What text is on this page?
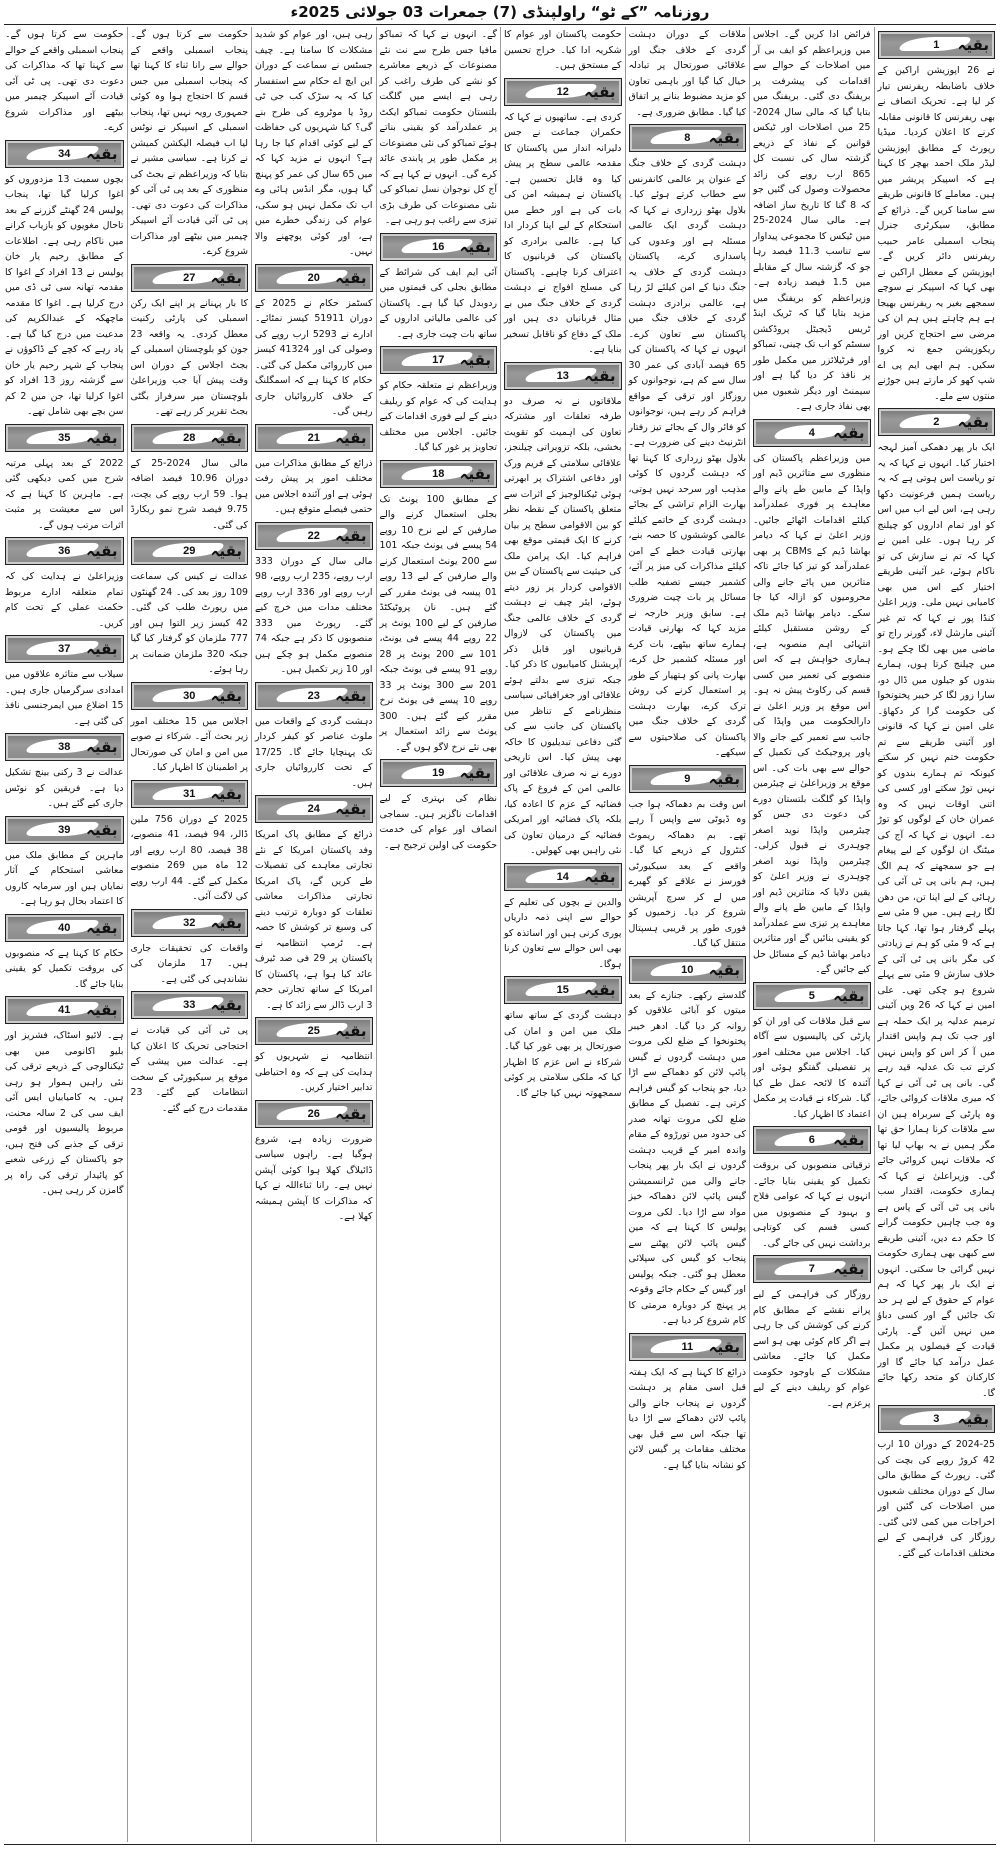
روزنامہ ”کے ٹو“ راولپنڈی (7) جمعرات 03 جولائی 2025ء
بقیہ
1

نے 26 اپوزیشن اراکین کے خلاف باضابطہ ریفرنس تیار کر لیا ہے۔ تحریک انصاف نے بھی ریفرنس کا قانونی مقابلہ کرنے کا اعلان کردیا۔ میڈیا رپورٹ کے مطابق اپوزیشن لیڈر ملک احمد بھچر کا کہنا ہے کہ اسپیکر پریشر میں ہیں۔ معاملے کا قانونی طریقے سے سامنا کریں گے۔ ذرائع کے مطابق، سیکرٹری جنرل پنجاب اسمبلی عامر حبیب ریفرنس دائر کریں گے۔ اپوزیشن کے معطل اراکین نے بھی کہا کہ اسپیکر نے سوچے سمجھے بغیر یہ ریفرنس بھیجا ہے ہم چاہتے ہیں ہم ان کی مرضی سے احتجاج کریں اور ریکوزیشن جمع نہ کروا سکیں۔ ہم ابھی ایم پی اے شپ کھو کر مارتے ہیں جوڑنے منتوں سے ملے۔

بقیہ
2

ایک بار پھر دھمکی آمیز لہجہ اختیار کیا۔ انہوں نے کہا کہ یہ تو ریاست اس ہوتی ہے کہ یہ ریاست ہمیں فرعونیت دکھا رہی ہے، اس لیے اب میں اس کو اور تمام اداروں کو چیلنج کر رہا ہوں۔ علی امین نے کہا کہ تم نے سازش کی تو ناکام ہوئے، غیر آئینی طریقے اختیار کیے اس میں بھی کامیابی نہیں ملی۔ وزیر اعلیٰ کنڈا پور نے کہا کہ تم غیر آئینی مارشل لاء، گورنر راج تو ماضی میں بھی لگا چکے ہو۔ میں چیلنج کرتا ہوں، ہمارے بندوں کو جیلوں میں ڈال دو، سارا زور لگا کر خیبر پختونخوا کی حکومت گرا کر دکھاؤ۔ علی امین نے کہا کہ قانونی اور آئینی طریقے سے تم حکومت ختم نہیں کر سکتے کیونکہ تم ہمارے بندوں کو نہیں توڑ سکتے اور کسی کی اتنی اوقات نہیں کہ وہ عمران خان کے لوگوں کو توڑ دے۔ انہوں نے کہا کہ آج کی میٹنگ ان لوگوں کے لیے پیغام ہے جو سمجھتے کہ ہم الگ ہیں، ہم بانی پی ٹی آئی کی رہائی کے لیے اپنا تن، من دھن لگا رہے ہیں۔ میں 9 مئی سے پہلے گرفتار ہوا تھا، کہا جاتا ہے کہ 9 مئی کو ہم نے زیادتی کی مگر بانی پی ٹی آئی کے خلاف سازش 9 مئی سے پہلے شروع ہو چکی تھی۔ علی امین نے کہا کہ 26 ویں آئینی ترمیم عدلیہ پر ایک حملہ ہے اور جب تک ہم واپس اقتدار میں آ کر اس کو واپس نہیں کرتے تب تک عدلیہ قید رہے گی۔ بانی پی ٹی آئی نے کہا کہ میری ملاقات کروائی جائے، وہ پارٹی کے سربراہ ہیں ان سے ملاقات کرنا ہمارا حق تھا مگر ہمیں نے یہ بھاپ لیا تھا کہ ملاقات نہیں کروائی جائے گی۔ وزیراعلیٰ نے کہا کہ ہماری حکومت، اقتدار سب بانی پی ٹی آئی کے پاس ہے وہ جب چاہیں حکومت گرانے کا حکم دے دیں، آئینی طریقے سے کبھی بھی ہماری حکومت نہیں گرائی جا سکتی۔ انہوں نے ایک بار پھر کہا کہ ہم عوام کے حقوق کے لیے ہر حد تک جائیں گے اور کسی دباؤ میں نہیں آئیں گے۔ پارٹی قیادت کے فیصلوں پر مکمل عمل درآمد کیا جائے گا اور کارکنان کو متحد رکھا جائے گا۔

بقیہ
3

2024-25 کے دوران 10 ارب 42 کروڑ روپے کی بچت کی گئی۔ رپورٹ کے مطابق مالی سال کے دوران مختلف شعبوں میں اصلاحات کی گئیں اور اخراجات میں کمی لائی گئی۔ روزگار کی فراہمی کے لیے مختلف اقدامات کیے گئے۔

فرائض ادا کریں گے۔ اجلاس میں وزیراعظم کو ایف بی آر میں اصلاحات کے حوالے سے اقدامات کی پیشرفت پر بریفنگ دی گئی۔ بریفنگ میں بتایا گیا کہ مالی سال 2024-25 میں اصلاحات اور ٹیکس قوانین کے نفاذ کے ذریعے گزشتہ سال کی نسبت کل 865 ارب روپے کی زائد محصولات وصول کی گئیں جو کہ 8 گنا کا تاریخ ساز اضافہ ہے۔ مالی سال 2024-25 میں ٹیکس کا مجموعی پیداوار سے تناسب 11.3 فیصد رہا جو کہ گزشتہ سال کے مقابلے میں 1.5 فیصد زیادہ ہے۔ وزیراعظم کو بریفنگ میں مزید بتایا گیا کہ ٹریک اینڈ ٹریس ڈیجیٹل پروڈکشن سسٹم کو اب تک چینی، تمباکو اور فرٹیلائزر میں مکمل طور پر نافذ کر دیا گیا ہے اور سیمنٹ اور دیگر شعبوں میں بھی نفاذ جاری ہے۔

بقیہ
4

میں وزیراعظم پاکستان کی منظوری سے متاثرین ڈیم اور واپڈا کے مابین طے پانے والے معاہدے پر فوری عملدرآمد کیلئے اقدامات اٹھائے جائیں۔ وزیر اعلیٰ نے کہا کہ دیامر بھاشا ڈیم کے CBMs پر بھی عملدرآمد کو تیز کیا جائے تاکہ متاثرین میں پائے جانے والی محرومیوں کو ازالہ کیا جا سکے۔ دیامر بھاشا ڈیم ملک کے روشن مستقبل کیلئے انتہائی اہم منصوبہ ہے، ہماری خواہش ہے کہ اس منصوبے کی تعمیر میں کسی قسم کی رکاوٹ پیش نہ ہو۔ اس موقع پر وزیر اعلیٰ نے دارالحکومت میں واپڈا کی جانب سے تعمیر کیے جانے والا پاور پروجیکٹ کی تکمیل کے حوالے سے بھی بات کی۔ اس موقع پر وزیراعلیٰ نے چیئرمین واپڈا کو گلگت بلتستان دورے کی دعوت دی جس کو چیئرمین واپڈا نوید اصغر چوہدری نے قبول کرلی۔ چیئرمین واپڈا نوید اصغر چوہدری نے وزیر اعلیٰ کو یقین دلایا کہ متاثرین ڈیم اور واپڈا کے مابین طے پانے والے معاہدے پر تیزی سے عملدرآمد کو یقینی بنائیں گے اور متاثرین دیامر بھاشا ڈیم کے مسائل حل کیے جائیں گے۔

بقیہ
5

سے قبل ملاقات کی اور ان کو پارٹی کی پالیسیوں سے آگاہ کیا۔ اجلاس میں مختلف امور پر تفصیلی گفتگو ہوئی اور آئندہ کا لائحہ عمل طے کیا گیا۔ شرکاء نے قیادت پر مکمل اعتماد کا اظہار کیا۔

بقیہ
6

ترقیاتی منصوبوں کی بروقت تکمیل کو یقینی بنایا جائے۔ انہوں نے کہا کہ عوامی فلاح و بہبود کے منصوبوں میں کسی قسم کی کوتاہی برداشت نہیں کی جائے گی۔

بقیہ
7

روزگار کی فراہمی کے لیے پرانے نقشے کے مطابق کام کرنے کی کوشش کی جا رہی ہے اگر کام کوئی بھی ہو اسے مکمل کیا جائے۔ معاشی مشکلات کے باوجود حکومت عوام کو ریلیف دینے کے لیے پرعزم ہے۔

ملاقات کے دوران دہشت گردی کے خلاف جنگ اور علاقائی صورتحال پر تبادلہ خیال کیا گیا اور باہمی تعاون کو مزید مضبوط بنانے پر اتفاق کیا گیا۔ مطابق ضروری ہے۔

بقیہ
8

دہشت گردی کے خلاف جنگ کے عنوان پر عالمی کانفرنس سے خطاب کرتے ہوئے کیا۔ بلاول بھٹو زرداری نے کہا کہ دہشت گردی ایک عالمی مسئلہ ہے اور وعدوں کی پاسداری کرے، پاکستان دہشت گردی کے خلاف یہ جنگ دنیا کے امن کیلئے لڑ رہا ہے، عالمی برادری دہشت گردی کے خلاف جنگ میں پاکستان سے تعاون کرے۔ انہوں نے کہا کہ پاکستان کی 65 فیصد آبادی کی عمر 30 سال سے کم ہے، نوجوانوں کو روزگار اور ترقی کے مواقع فراہم کر رہے ہیں، نوجوانوں کو فائر وال کے بجائے تیز رفتار انٹرنیٹ دینے کی ضرورت ہے۔ بلاول بھٹو زرداری کا کہنا تھا کہ دہشت گردوں کا کوئی مذہب اور سرحد نہیں ہوتی، بھارت الزام تراشی کے بجائے دہشت گردی کے خاتمے کیلئے عالمی کوششوں کا حصہ بنے، بھارتی قیادت خطے کے امن کیلئے مذاکرات کی میز پر آئے، کشمیر جیسے تصفیہ طلب مسائل پر بات چیت ضروری ہے۔ سابق وزیر خارجہ نے مزید کہا کہ بھارتی قیادت ہمارے ساتھ بیٹھے، بات کرے اور مسئلہ کشمیر حل کرے، بھارت پانی کو ہتھیار کے طور پر استعمال کرنے کی روش ترک کرے، بھارت دہشت گردی کے خلاف جنگ میں پاکستان کی صلاحیتوں سے سیکھے۔

بقیہ
9

اس وقت بم دھماکہ ہوا جب وہ ڈیوٹی سے واپس آ رہے تھے۔ بم دھماکہ ریموٹ کنٹرول کے ذریعے کیا گیا۔ واقعے کے بعد سیکیورٹی فورسز نے علاقے کو گھیرے میں لے کر سرچ آپریشن شروع کر دیا۔ زخمیوں کو فوری طور پر قریبی ہسپتال منتقل کیا گیا۔

بقیہ
10

گلدستے رکھے۔ جنازے کے بعد میتوں کو آبائی علاقوں کو روانہ کر دیا گیا۔ ادھر خیبر پختونخوا کے ضلع لکی مروت میں دہشت گردوں نے گیس پائپ لائن کو دھماکے سے اڑا دیا، جو پنجاب کو گیس فراہم کرتی ہے۔ تفصیل کے مطابق ضلع لکی مروت تھانہ صدر کی حدود میں تورڑوہ کے مقام واندہ امیر کے قریب دہشت گردوں نے ایک بار پھر پنجاب جانے والی مین ٹرانسمیشن گیس پائپ لائن دھماکہ خیز مواد سے اڑا دیا۔ لکی مروت پولیس کا کہنا ہے کہ مین گیس پائپ لائن پھٹنے سے پنجاب کو گیس کی سپلائی معطل ہو گئی۔ جبکہ پولیس اور گیس کے حکام جائے وقوعہ پر پہنچ کر دوبارہ مرمتی کا کام شروع کر دیا ہے۔

بقیہ
11

ذرائع کا کہنا ہے کہ ایک ہفتہ قبل اسی مقام پر دہشت گردوں نے پنجاب جانے والی پائپ لائن دھماکے سے اڑا دیا تھا جبکہ اس سے قبل بھی مختلف مقامات پر گیس لائن کو نشانہ بنایا گیا ہے۔

حکومت پاکستان اور عوام کا شکریہ ادا کیا۔ خراج تحسین کے مستحق ہیں۔

بقیہ
12

کردی ہے۔ ساتھیوں نے کہا کہ حکمران جماعت نے جس دلیرانہ انداز میں پاکستان کا مقدمہ عالمی سطح پر پیش کیا وہ قابل تحسین ہے۔ پاکستان نے ہمیشہ امن کی بات کی ہے اور خطے میں استحکام کے لیے اپنا کردار ادا کیا ہے۔ عالمی برادری کو پاکستان کی قربانیوں کا اعتراف کرنا چاہیے۔ پاکستان کی مسلح افواج نے دہشت گردی کے خلاف جنگ میں بے مثال قربانیاں دی ہیں اور ملک کے دفاع کو ناقابل تسخیر بنایا ہے۔

بقیہ
13

ملاقاتوں نے نہ صرف دو طرفہ تعلقات اور مشترکہ تعاون کی اہمیت کو تقویت بخشی، بلکہ تزویراتی چیلنجز، علاقائی سلامتی کے فریم ورک اور دفاعی اشتراک پر ابھرتی ہوئی ٹیکنالوجیز کے اثرات سے متعلق پاکستان کے نقطہ نظر کو بین الاقوامی سطح پر بیان کرنے کا ایک قیمتی موقع بھی فراہم کیا۔ ایک پرامن ملک کی حیثیت سے پاکستان کے بین الاقوامی کردار پر زور دیتے ہوئے، ایئر چیف نے دہشت گردی کے خلاف عالمی جنگ میں پاکستان کی لازوال قربانیوں اور قابل ذکر آپریشنل کامیابیوں کا ذکر کیا۔ جبکہ تیزی سے بدلتے ہوئے علاقائی اور جغرافیائی سیاسی منظرنامے کے تناظر میں پاکستان کی جانب سے کی گئی دفاعی تبدیلیوں کا خاکہ بھی پیش کیا۔ اس تاریخی دورے نے نہ صرف علاقائی اور عالمی امن کے فروغ کے پاک فضائیہ کے عزم کا اعادہ کیا، بلکہ پاک فضائیہ اور امریکی فضائیہ کے درمیان تعاون کی نئی راہیں بھی کھولیں۔

بقیہ
14

والدین نے بچوں کی تعلیم کے حوالے سے اپنی ذمہ داریاں پوری کرنی ہیں اور اساتذہ کو بھی اس حوالے سے تعاون کرنا ہوگا۔

بقیہ
15

دہشت گردی کے ساتھ ساتھ ملک میں امن و امان کی صورتحال پر بھی غور کیا گیا۔ شرکاء نے اس عزم کا اظہار کیا کہ ملکی سلامتی پر کوئی سمجھوتہ نہیں کیا جائے گا۔

گے۔ انہوں نے کہا کہ تمباکو مافیا جس طرح سے نت نئے مصنوعات کے ذریعے معاشرے کو نشے کی طرف راغب کر رہی ہے ایسے میں گلگت بلتستان حکومت تمباکو ایکٹ پر عملدرآمد کو یقینی بناتے ہوئے تمباکو کی نئی مصنوعات پر مکمل طور پر پابندی عائد کرے گی۔ انہوں نے کہا ہے کہ آج کل نوجوان نسل تمباکو کی نئی مصنوعات کی طرف بڑی تیزی سے راغب ہو رہی ہے۔

بقیہ
16

آئی ایم ایف کی شرائط کے مطابق بجلی کی قیمتوں میں ردوبدل کیا گیا ہے۔ پاکستان کی عالمی مالیاتی اداروں کے ساتھ بات چیت جاری ہے۔

بقیہ
17

وزیراعظم نے متعلقہ حکام کو ہدایت کی کہ عوام کو ریلیف دینے کے لیے فوری اقدامات کیے جائیں۔ اجلاس میں مختلف تجاویز پر غور کیا گیا۔

بقیہ
18

کے مطابق 100 یونٹ تک بجلی استعمال کرنے والے صارفین کے لیے نرخ 10 روپے 54 پیسے فی یونٹ جبکہ 101 سے 200 یونٹ استعمال کرنے والے صارفین کے لیے 13 روپے 01 پیسہ فی یونٹ مقرر کیے گئے ہیں۔ نان پروٹیکٹڈ صارفین کے لیے 100 یونٹ پر 22 روپے 44 پیسے فی یونٹ، 101 سے 200 یونٹ پر 28 روپے 91 پیسے فی یونٹ جبکہ 201 سے 300 یونٹ پر 33 روپے 10 پیسے فی یونٹ نرخ مقرر کیے گئے ہیں۔ 300 یونٹ سے زائد استعمال پر بھی نئے نرخ لاگو ہوں گے۔

بقیہ
19

نظام کی بہتری کے لیے اقدامات ناگزیر ہیں۔ سماجی انصاف اور عوام کی خدمت حکومت کی اولین ترجیح ہے۔

رہی ہیں، اور عوام کو شدید مشکلات کا سامنا ہے۔ چیف جسٹس نے سماعت کے دوران این ایچ اے حکام سے استفسار کیا کہ یہ سڑک کب جی ٹی روڈ یا موٹروے کی طرح بنے گی؟ کیا شہریوں کی حفاظت کے لیے کوئی اقدام کیا جا رہا ہے؟ انہوں نے مزید کہا کہ میں 65 سال کی عمر کو پہنچ گیا ہوں، مگر انڈس ہائی وے اب تک مکمل نہیں ہو سکی، عوام کی زندگی خطرے میں ہے، اور کوئی پوچھنے والا نہیں۔

بقیہ
20

کسٹمز حکام نے 2025 کے دوران 51911 کیسز نمٹائے۔ ادارے نے 5293 ارب روپے کی وصولی کی اور 41324 کیسز میں کارروائی مکمل کی گئی۔ حکام کا کہنا ہے کہ اسمگلنگ کے خلاف کارروائیاں جاری رہیں گی۔

بقیہ
21

ذرائع کے مطابق مذاکرات میں مختلف امور پر پیش رفت ہوئی ہے اور آئندہ اجلاس میں حتمی فیصلے متوقع ہیں۔

بقیہ
22

مالی سال کے دوران 333 ارب روپے، 235 ارب روپے، 98 ارب روپے اور 336 ارب روپے مختلف مدات میں خرچ کیے گئے۔ رپورٹ میں 333 منصوبوں کا ذکر ہے جبکہ 74 منصوبے مکمل ہو چکے ہیں اور 10 زیر تکمیل ہیں۔

بقیہ
23

دہشت گردی کے واقعات میں ملوث عناصر کو کیفر کردار تک پہنچایا جائے گا۔ 17/25 کے تحت کارروائیاں جاری ہیں۔

بقیہ
24

ذرائع کے مطابق پاک امریکا وفد پاکستان امریکا کے نئے تجارتی معاہدے کی تفصیلات طے کریں گے، پاک امریکا تجارتی مذاکرات معاشی تعلقات کو دوبارہ ترتیب دینے کی وسیع تر کوشش کا حصہ ہے۔ ٹرمپ انتظامیہ نے پاکستان پر 29 فی صد ٹیرف عائد کیا ہوا ہے، پاکستان کا امریکا کے ساتھ تجارتی حجم 3 ارب ڈالر سے زائد کا ہے۔

بقیہ
25

انتظامیہ نے شہریوں کو ہدایت کی ہے کہ وہ احتیاطی تدابیر اختیار کریں۔

بقیہ
26

ضرورت زیادہ ہے، شروع ہوگیا ہے۔ راہوں سیاسی ڈائیلاگ کھلا ہوا کوئی آپشن نہیں ہے۔ رانا ثناءاللہ نے کہا کہ مذاکرات کا آپشن ہمیشہ کھلا ہے۔

حکومت سے کرتا ہوں گے۔ پنجاب اسمبلی واقعے کے حوالے سے رانا ثناء کا کہنا تھا کہ پنجاب اسمبلی میں جس قسم کا احتجاج ہوا وہ کوئی جمہوری رویہ نہیں تھا، پنجاب اسمبلی کے اسپیکر نے نوٹس لیا اب فیصلہ الیکشن کمیشن نے کرنا ہے۔ سیاسی مشیر نے بتایا کہ وزیراعظم نے بجٹ کی منظوری کے بعد پی ٹی آئی کو مذاکرات کی دعوت دی تھی۔ پی ٹی آئی قیادت آئے اسپیکر چیمبر میں بیٹھے اور مذاکرات شروع کرے۔

بقیہ
27

کا بار پہنانے پر اپنے ایک رکن اسمبلی کی پارٹی رکنیت معطل کردی۔ یہ واقعہ 23 جون کو بلوچستان اسمبلی کے بجٹ اجلاس کے دوران اس وقت پیش آیا جب وزیراعلیٰ بلوچستان میر سرفراز بگٹی بجٹ تقریر کر رہے تھے۔

بقیہ
28

مالی سال 2024-25 کے دوران 10.96 فیصد اضافہ ہوا۔ 59 ارب روپے کی بچت، 9.75 فیصد شرح نمو ریکارڈ کی گئی۔

بقیہ
29

عدالت نے کیس کی سماعت 109 روز بعد کی۔ 24 گھنٹوں میں رپورٹ طلب کی گئی۔ 42 کیسز زیر التوا ہیں اور 777 ملزمان کو گرفتار کیا گیا جبکہ 320 ملزمان ضمانت پر رہا ہوئے۔

بقیہ
30

اجلاس میں 15 مختلف امور زیر بحث آئے۔ شرکاء نے صوبے میں امن و امان کی صورتحال پر اطمینان کا اظہار کیا۔

بقیہ
31

2025 کے دوران 756 ملین ڈالر، 94 فیصد، 41 منصوبے، 38 فیصد، 80 ارب روپے اور 12 ماہ میں 269 منصوبے مکمل کیے گئے۔ 44 ارب روپے کی لاگت آئی۔

بقیہ
32

واقعات کی تحقیقات جاری ہیں۔ 17 ملزمان کی نشاندہی کی گئی ہے۔

بقیہ
33

پی ٹی آئی کی قیادت نے احتجاجی تحریک کا اعلان کیا ہے۔ عدالت میں پیشی کے موقع پر سیکیورٹی کے سخت انتظامات کیے گئے۔ 23 مقدمات درج کیے گئے۔

حکومت سے کرتا ہوں گے۔ پنجاب اسمبلی واقعے کے حوالے سے کہنا تھا کہ مذاکرات کی دعوت دی تھی۔ پی ٹی آئی قیادت آئے اسپیکر چیمبر میں بیٹھے اور مذاکرات شروع کرے۔

بقیہ
34

بچوں سمیت 13 مزدوروں کو اغوا کرلیا گیا تھا، پنجاب پولیس 24 گھنٹے گزرنے کے بعد تاحال مغویوں کو بازیاب کرانے میں ناکام رہی ہے۔ اطلاعات کے مطابق رحیم یار خان پولیس نے 13 افراد کے اغوا کا مقدمہ تھانہ سی ٹی ڈی میں درج کرلیا ہے۔ اغوا کا مقدمہ ماچھکہ کے عبدالکریم کی مدعیت میں درج کیا گیا ہے۔ یاد رہے کہ کچے کے ڈاکوؤں نے پنجاب کے شہر رحیم یار خان سے گزشتہ روز 13 افراد کو اغوا کرلیا تھا، جن میں 2 کم سن بچے بھی شامل تھے۔

بقیہ
35

2022 کے بعد پہلی مرتبہ شرح میں کمی دیکھی گئی ہے۔ ماہرین کا کہنا ہے کہ اس سے معیشت پر مثبت اثرات مرتب ہوں گے۔

بقیہ
36

وزیراعلیٰ نے ہدایت کی کہ تمام متعلقہ ادارے مربوط حکمت عملی کے تحت کام کریں۔

بقیہ
37

سیلاب سے متاثرہ علاقوں میں امدادی سرگرمیاں جاری ہیں۔ 15 اضلاع میں ایمرجنسی نافذ کی گئی ہے۔

بقیہ
38

عدالت نے 3 رکنی بینچ تشکیل دیا ہے۔ فریقین کو نوٹس جاری کیے گئے ہیں۔

بقیہ
39

ماہرین کے مطابق ملک میں معاشی استحکام کے آثار نمایاں ہیں اور سرمایہ کاروں کا اعتماد بحال ہو رہا ہے۔

بقیہ
40

حکام کا کہنا ہے کہ منصوبوں کی بروقت تکمیل کو یقینی بنایا جائے گا۔

بقیہ
41

ہے۔ لائیو اسٹاک، فشریز اور بلیو اکانومی میں بھی ٹیکنالوجی کے ذریعے ترقی کی نئی راہیں ہموار ہو رہی ہیں۔ یہ کامیابیاں ایس آئی ایف سی کی 2 سالہ محنت، مربوط پالیسیوں اور قومی ترقی کے جذبے کی فتح ہیں، جو پاکستان کے زرعی شعبے کو پائیدار ترقی کی راہ پر گامزن کر رہی ہیں۔
